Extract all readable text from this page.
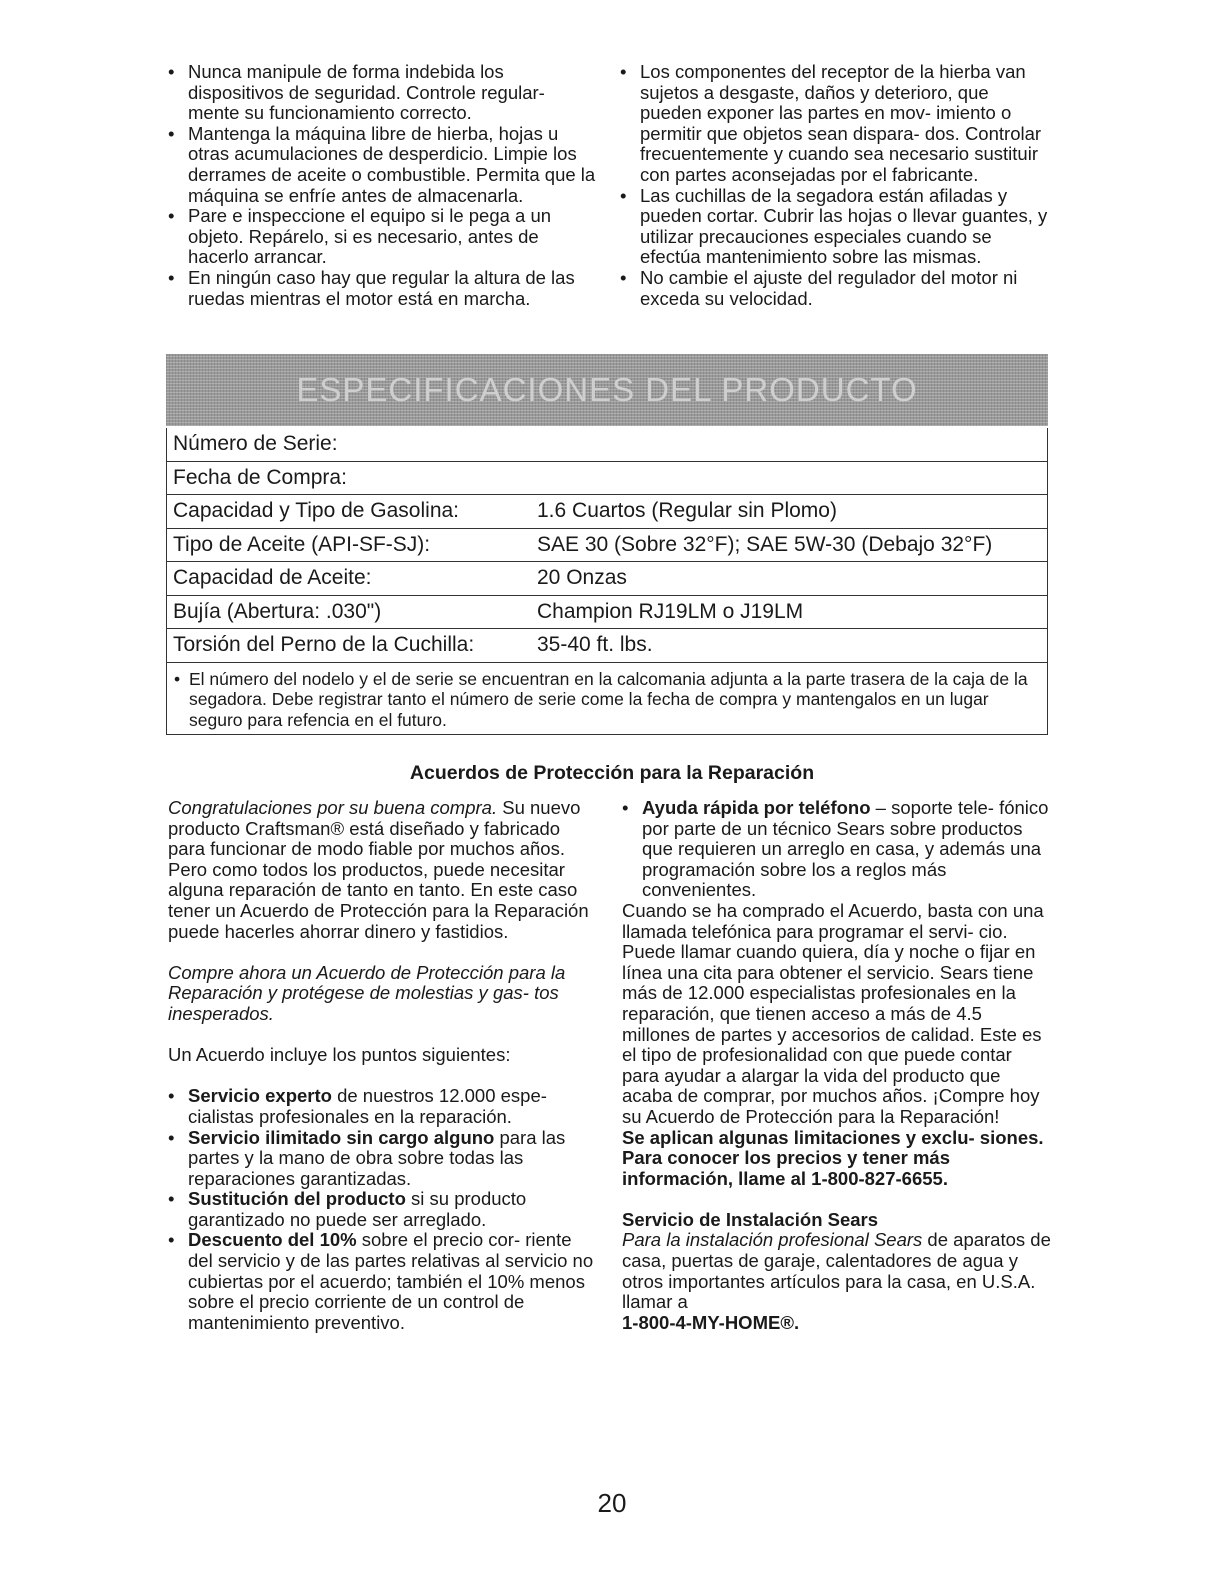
• Nunca manipule de forma indebida los dispositivos de seguridad. Controle regular- mente su funcionamiento correcto.
• Mantenga la máquina libre de hierba, hojas u otras acumulaciones de desperdicio. Limpie los derrames de aceite o combustible. Permita que la máquina se enfríe antes de almacenarla.
• Pare e inspeccione el equipo si le pega a un objeto. Repárelo, si es necesario, antes de hacerlo arrancar.
• En ningún caso hay que regular la altura de las ruedas mientras el motor está en marcha.
• Los componentes del receptor de la hierba van sujetos a desgaste, daños y deterioro, que pueden exponer las partes en mov- imiento o permitir que objetos sean dispara- dos. Controlar frecuentemente y cuando sea necesario sustituir con partes aconsejadas por el fabricante.
• Las cuchillas de la segadora están afiladas y pueden cortar. Cubrir las hojas o llevar guantes, y utilizar precauciones especiales cuando se efectúa mantenimiento sobre las mismas.
• No cambie el ajuste del regulador del motor ni exceda su velocidad.
ESPECIFICACIONES DEL PRODUCTO
Número de Serie:
Fecha de Compra:
Capacidad y Tipo de Gasolina:	1.6 Cuartos (Regular sin Plomo)
Tipo de Aceite (API-SF-SJ):	SAE 30 (Sobre 32°F); SAE 5W-30 (Debajo 32°F)
Capacidad de Aceite:	20 Onzas
Bujía (Abertura: .030")	Champion RJ19LM o J19LM
Torsión del Perno de la Cuchilla:	35-40 ft. lbs.
• El número del nodelo y el de serie se encuentran en la calcomania adjunta a la parte trasera de la caja de la segadora. Debe registrar tanto el número de serie come la fecha de compra y mantengalos en un lugar seguro para refencia en el futuro.
Acuerdos de Protección para la Reparación

Congratulaciones por su buena compra. Su nuevo producto Craftsman® está diseñado y fabricado para funcionar de modo fiable por muchos años. Pero como todos los productos, puede necesitar alguna reparación de tanto en tanto. En este caso tener un Acuerdo de Protección para la Reparación puede hacerles ahorrar dinero y fastidios.

Compre ahora un Acuerdo de Protección para la Reparación y protégese de molestias y gas- tos inesperados.

Un Acuerdo incluye los puntos siguientes:

• Servicio experto de nuestros 12.000 espe- cialistas profesionales en la reparación.
• Servicio ilimitado sin cargo alguno para las partes y la mano de obra sobre todas las reparaciones garantizadas.
• Sustitución del producto si su producto garantizado no puede ser arreglado.
• Descuento del 10% sobre el precio cor- riente del servicio y de las partes relativas al servicio no cubiertas por el acuerdo; también el 10% menos sobre el precio corriente de un control de mantenimiento preventivo.
• Ayuda rápida por teléfono – soporte tele- fónico por parte de un técnico Sears sobre productos que requieren un arreglo en casa, y además una programación sobre los a reglos más convenientes.

Cuando se ha comprado el Acuerdo, basta con una llamada telefónica para programar el servi- cio. Puede llamar cuando quiera, día y noche o fijar en línea una cita para obtener el servicio. Sears tiene más de 12.000 especialistas profesionales en la reparación, que tienen acceso a más de 4.5 millones de partes y accesorios de calidad. Este es el tipo de profesionalidad con que puede contar para ayudar a alargar la vida del producto que acaba de comprar, por muchos años. ¡Compre hoy su Acuerdo de Protección para la Reparación!
Se aplican algunas limitaciones y exclu- siones. Para conocer los precios y tener más información, llame al 1-800-827-6655.

Servicio de Instalación Sears
Para la instalación profesional Sears de aparatos de casa, puertas de garaje, calentadores de agua y otros importantes artículos para la casa, en U.S.A. llamar a
1-800-4-MY-HOME®.

20
